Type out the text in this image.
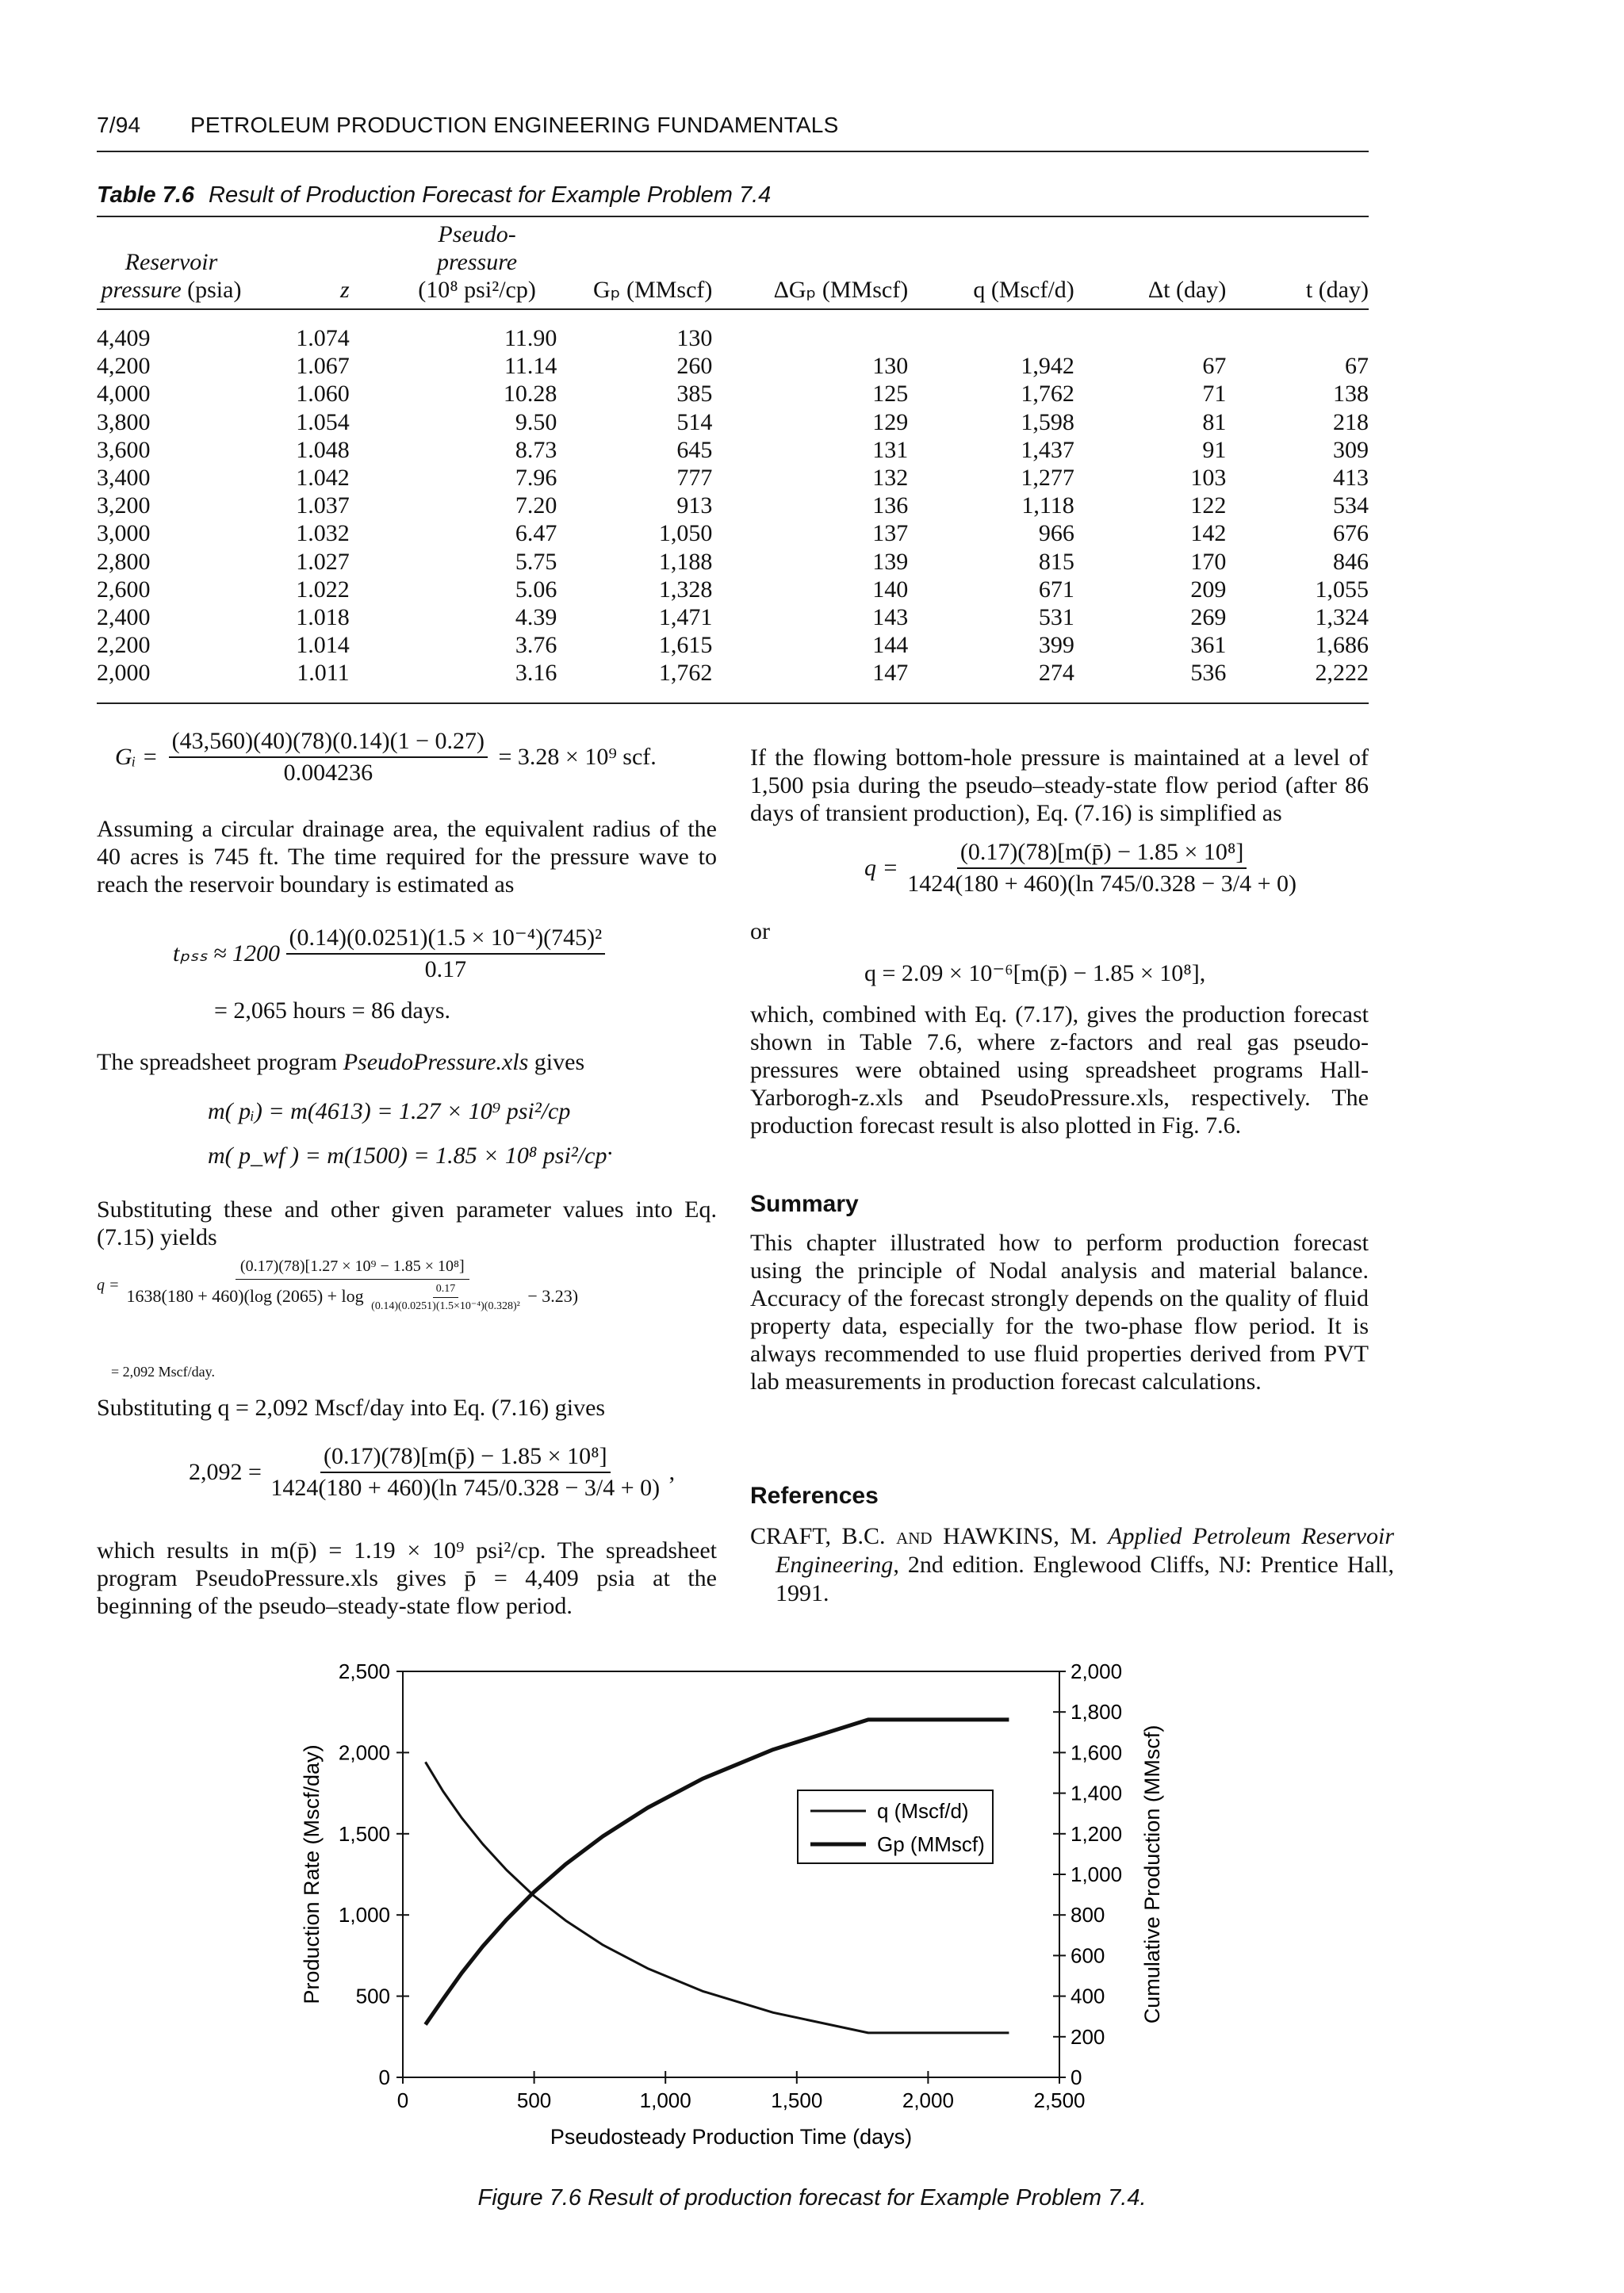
7/94 PETROLEUM PRODUCTION ENGINEERING FUNDAMENTALS
Table 7.6 Result of Production Forecast for Example Problem 7.4
Reservoir
pressure (psia)	z	Pseudo-
pressure
(10⁸ psi²/cp)	Gₚ (MMscf)	ΔGₚ (MMscf)	q (Mscf/d)	Δt (day)	t (day)
4,409	1.074	11.90	130				
4,200	1.067	11.14	260	130	1,942	67	67
4,000	1.060	10.28	385	125	1,762	71	138
3,800	1.054	9.50	514	129	1,598	81	218
3,600	1.048	8.73	645	131	1,437	91	309
3,400	1.042	7.96	777	132	1,277	103	413
3,200	1.037	7.20	913	136	1,118	122	534
3,000	1.032	6.47	1,050	137	966	142	676
2,800	1.027	5.75	1,188	139	815	170	846
2,600	1.022	5.06	1,328	140	671	209	1,055
2,400	1.018	4.39	1,471	143	531	269	1,324
2,200	1.014	3.76	1,615	144	399	361	1,686
2,000	1.011	3.16	1,762	147	274	536	2,222
Gᵢ = $\frac{(43,560)(40)(78)(0.14)(1 - 0.27)}{0.004236} = 3.28 \times 10^9$ scf.
Assuming a circular drainage area, the equivalent radius of the 40 acres is 745 ft. The time required for the pressure wave to reach the reservoir boundary is estimated as
$t_{pss} \approx 1200 \frac{\text{(0.14)(0.0251)(1.5 × 10⁻⁴)(745)²}}{0.17}$
= 2,065 hours = 86 days.
The spreadsheet program PseudoPressure.xls gives
m( pᵢ) = m(4613) = 1.27 × 10⁹ psi²/cp
m( p_wf ) = m(1500) = 1.85 × 10⁸ psi²/cp.
Substituting these and other given parameter values into Eq. (7.15) yields
q =
(0.17)(78)[1.27 × 10⁹ − 1.85 × 10⁸]
1638(180 + 460)(log $(2065) + \log \frac{0.17}{\text{(0.14)(0.0251)(1.5×10⁻⁴)(0.328)²}} - 3.23$)
= 2,092 Mscf/day.
Substituting q = 2,092 Mscf/day into Eq. (7.16) gives
$2,092 = \frac{\text{(0.17)(78)[m(p̄) − 1.85 × 10⁸]}}{1424(180 + 460)(\ln 745/0.328 - 3/4 + 0)}$ ,
which results in m(p̄) = 1.19 × 10⁹ psi²/cp. The spreadsheet program PseudoPressure.xls gives p̄ = 4,409 psia at the beginning of the pseudo–steady-state flow period.
If the flowing bottom-hole pressure is maintained at a level of 1,500 psia during the pseudo–steady-state flow period (after 86 days of transient production), Eq. (7.16) is simplified as
$q = \frac{\text{(0.17)(78)[m(p̄) − 1.85 × 10⁸]}}{1424(180 + 460)(\ln 745/0.328 - 3/4 + 0)}$
or
q = 2.09 × 10⁻⁶[m(p̄) − 1.85 × 10⁸],
which, combined with Eq. (7.17), gives the production forecast shown in Table 7.6, where z-factors and real gas pseudo-pressures were obtained using spreadsheet programs Hall-Yarborogh-z.xls and PseudoPressure.xls, respectively. The production forecast result is also plotted in Fig. 7.6.
Summary
This chapter illustrated how to perform production forecast using the principle of Nodal analysis and material balance. Accuracy of the forecast strongly depends on the quality of fluid property data, especially for the two-phase flow period. It is always recommended to use fluid properties derived from PVT lab measurements in production forecast calculations.
References
CRAFT, B.C. and HAWKINS, M. Applied Petroleum Reservoir Engineering, 2nd edition. Englewood Cliffs, NJ: Prentice Hall, 1991.
0
500
1,000
1,500
2,000
2,500
0
200
400
600
800
1,000
1,200
1,400
1,600
1,800
2,000
0	500	1,000	1,500	2,000	2,500
Pseudosteady Production Time (days)
Production Rate (Mscf/day)	Cumulative Production (MMscf)
q (Mscf/d)
Gp (MMscf)
Figure 7.6 Result of production forecast for Example Problem 7.4.
